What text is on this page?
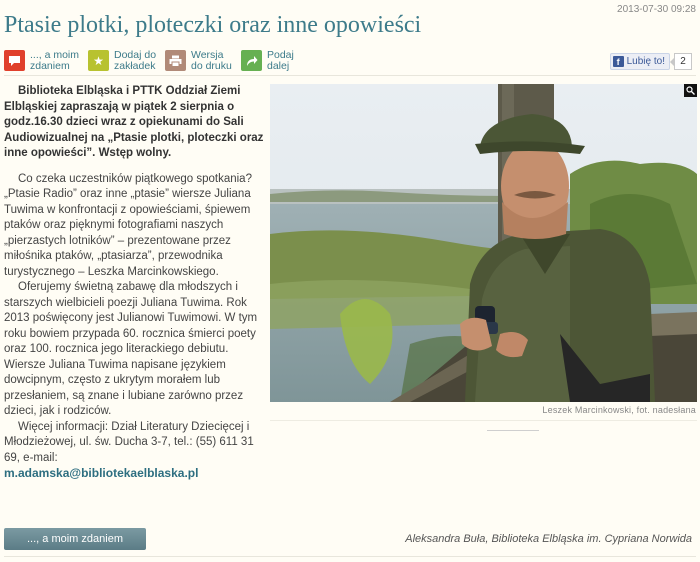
2013-07-30 09:28
Ptasie plotki, ploteczki oraz inne opowieści
..., a moim
zdaniem	★ Dodaj do
zakładek
Wersja
do druku
Podaj
dalej	f Lubię to!	2

Biblioteka Elbląska i PTTK Oddział Ziemi Elbląskiej zapraszają w piątek 2 sierpnia o godz.16.30 dzieci wraz z opiekunami do Sali Audiowizualnej na „Ptasie plotki, ploteczki oraz inne opowieści”. Wstęp wolny.

Co czeka uczestników piątkowego spotkania? „Ptasie Radio” oraz inne „ptasie” wiersze Juliana Tuwima w konfrontacji z opowieściami, śpiewem ptaków oraz pięknymi fotografiami naszych „pierzastych lotników” – prezentowane przez miłośnika ptaków, „ptasiarza”, przewodnika turystycznego – Leszka Marcinkowskiego.

Oferujemy świetną zabawę dla młodszych i starszych wielbicieli poezji Juliana Tuwima. Rok 2013 poświęcony jest Julianowi Tuwimowi. W tym roku bowiem przypada 60. rocznica śmierci poety oraz 100. rocznica jego literackiego debiutu. Wiersze Juliana Tuwima napisane językiem dowcipnym, często z ukrytym morałem lub przesłaniem, są znane i lubiane zarówno przez dzieci, jak i rodziców.

Więcej informacji: Dział Literatury Dziecięcej i Młodzieżowej, ul. św. Ducha 3-7, tel.: (55) 611 31 69, e-mail:

m.adamska@bibliotekaelblaska.pl
Leszek Marcinkowski, fot. nadesłana
..., a moim zdaniem	Aleksandra Buła, Biblioteka Elbląska im. Cypriana Norwida
